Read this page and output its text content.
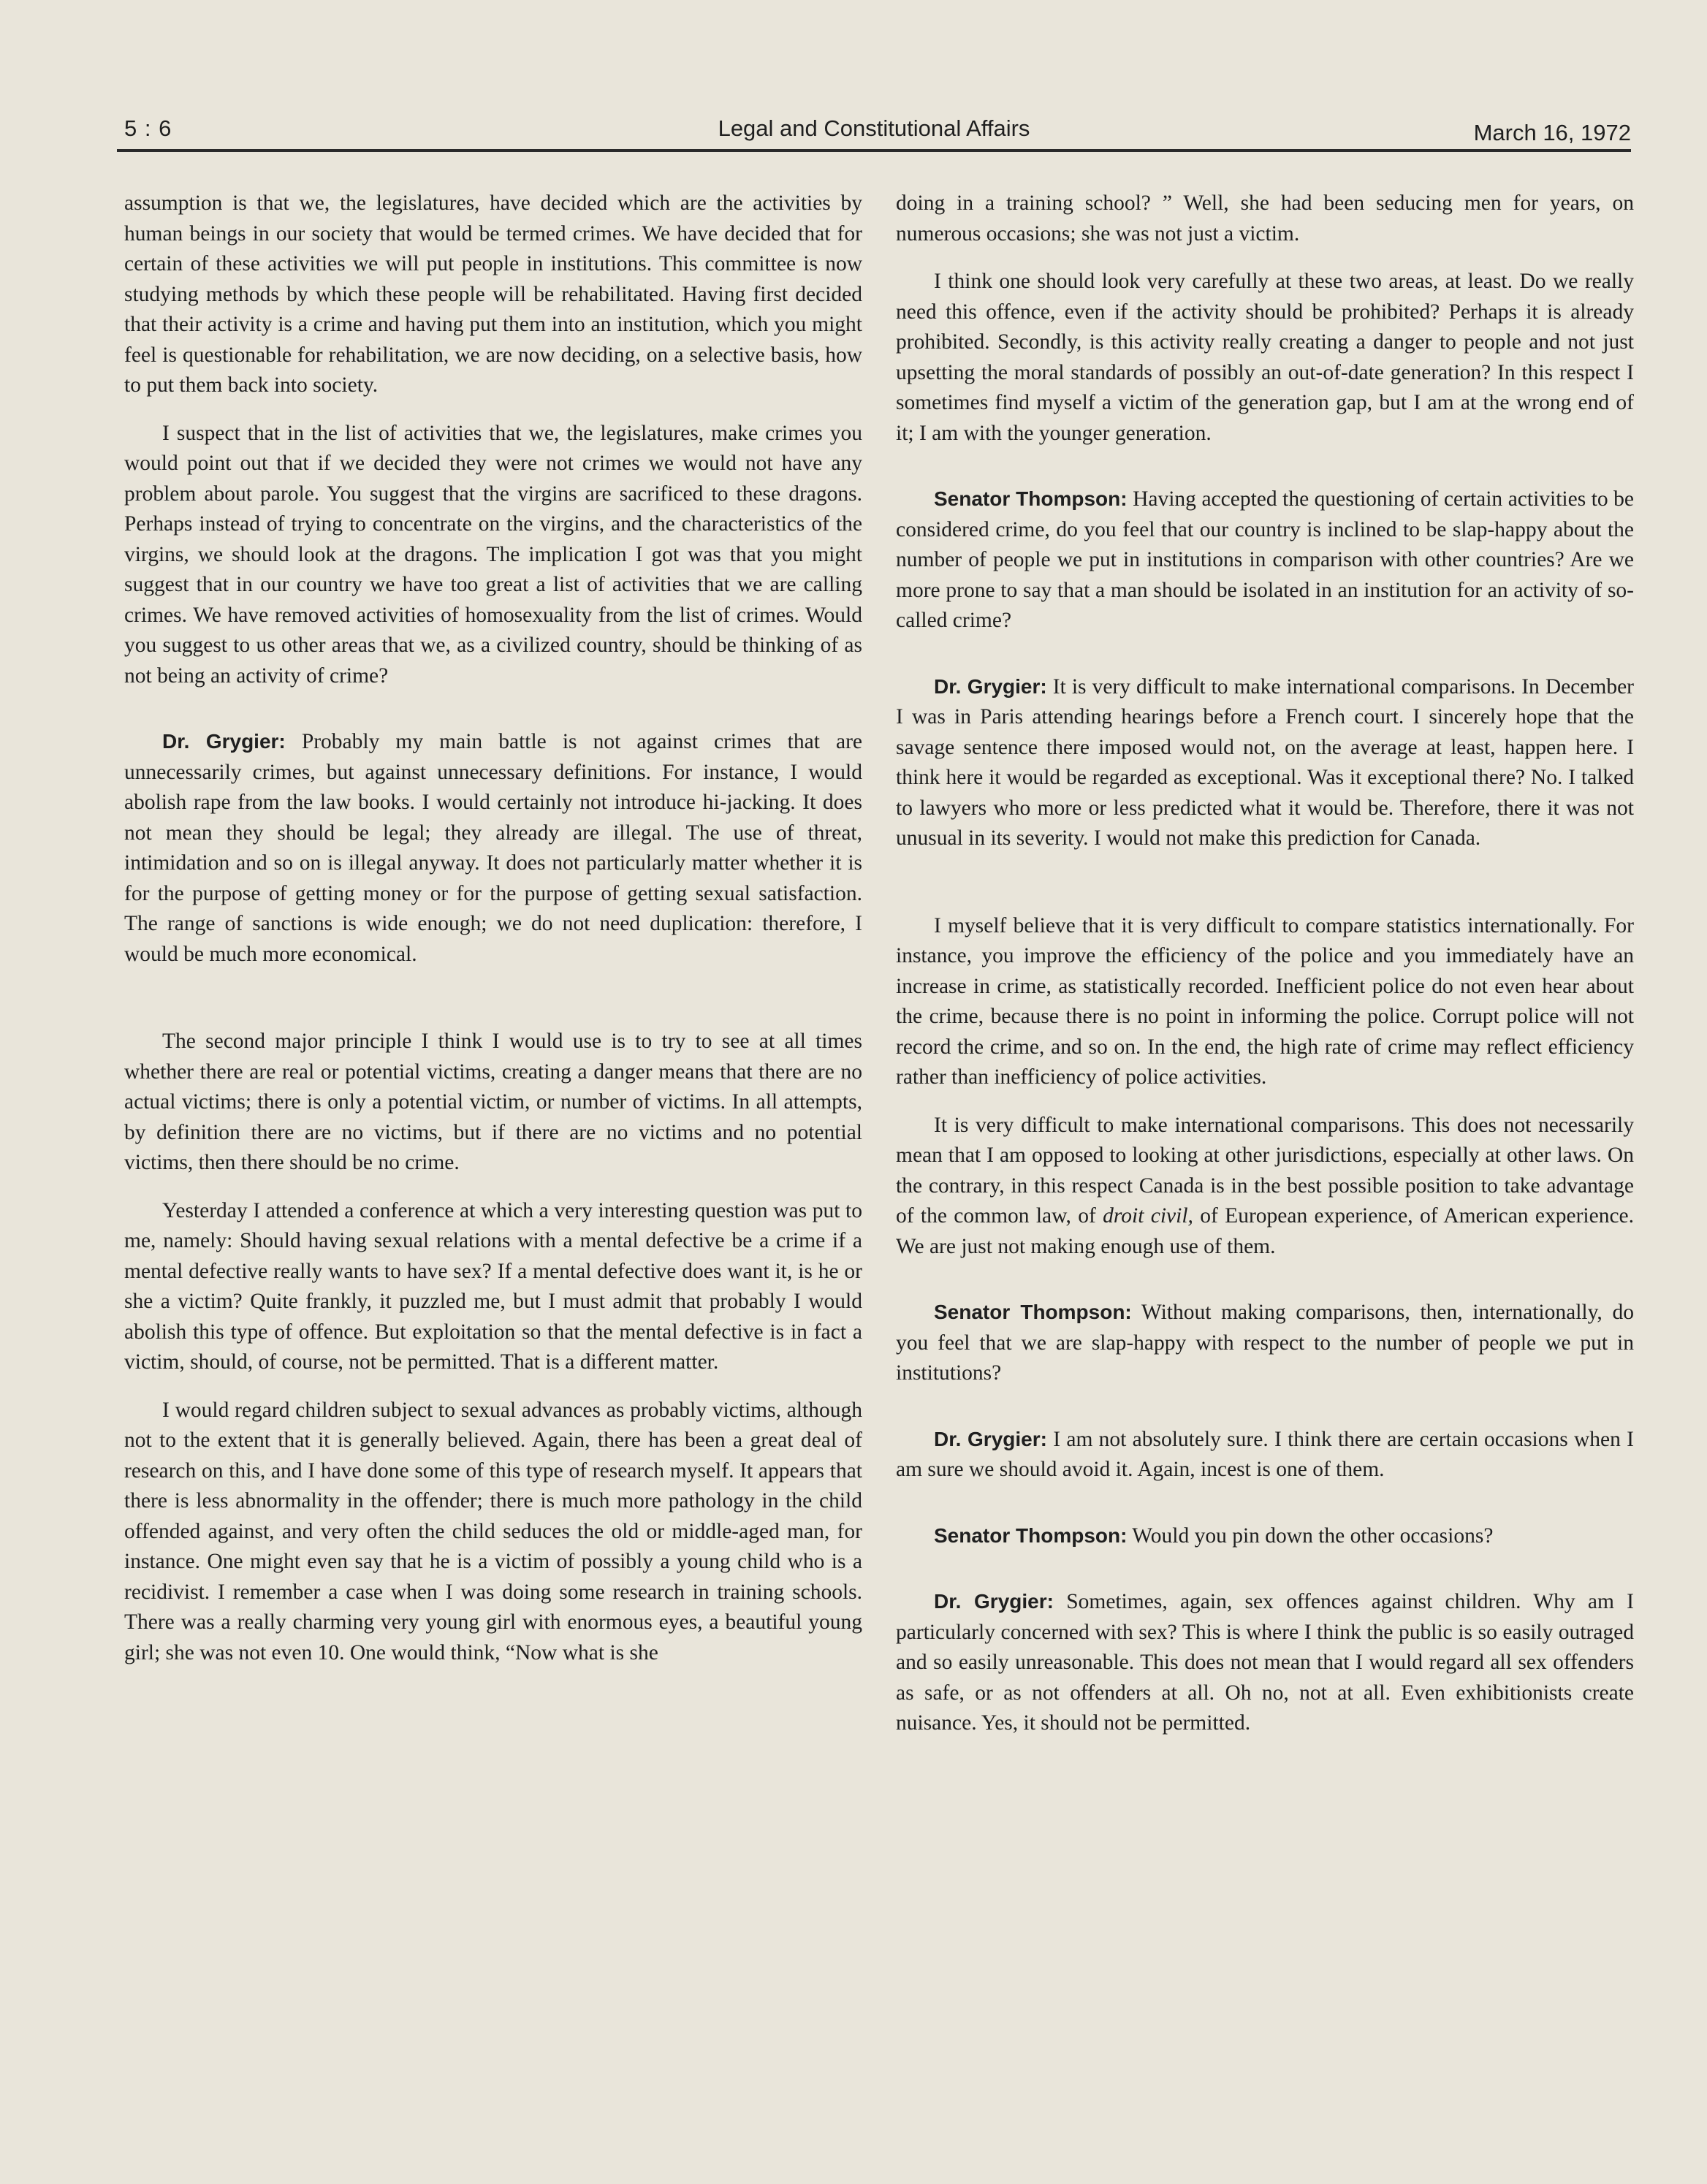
5 : 6	Legal and Constitutional Affairs	March 16, 1972

assumption is that we, the legislatures, have decided which are the activities by human beings in our society that would be termed crimes. We have decided that for certain of these activities we will put people in institutions. This committee is now studying methods by which these people will be rehabilitated. Having first decided that their activity is a crime and having put them into an institution, which you might feel is questionable for rehabilitation, we are now deciding, on a selective basis, how to put them back into society.

I suspect that in the list of activities that we, the legislatures, make crimes you would point out that if we decided they were not crimes we would not have any problem about parole. You suggest that the virgins are sacrificed to these dragons. Perhaps instead of trying to concentrate on the virgins, and the characteristics of the virgins, we should look at the dragons. The implication I got was that you might suggest that in our country we have too great a list of activities that we are calling crimes. We have removed activities of homosexuality from the list of crimes. Would you suggest to us other areas that we, as a civilized country, should be thinking of as not being an activity of crime?

Dr. Grygier: Probably my main battle is not against crimes that are unnecessarily crimes, but against unnecessary definitions. For instance, I would abolish rape from the law books. I would certainly not introduce hi-jacking. It does not mean they should be legal; they already are illegal. The use of threat, intimidation and so on is illegal anyway. It does not particularly matter whether it is for the purpose of getting money or for the purpose of getting sexual satisfaction. The range of sanctions is wide enough; we do not need duplication: therefore, I would be much more economical.

The second major principle I think I would use is to try to see at all times whether there are real or potential victims, creating a danger means that there are no actual victims; there is only a potential victim, or number of victims. In all attempts, by definition there are no victims, but if there are no victims and no potential victims, then there should be no crime.

Yesterday I attended a conference at which a very interesting question was put to me, namely: Should having sexual relations with a mental defective be a crime if a mental defective really wants to have sex? If a mental defective does want it, is he or she a victim? Quite frankly, it puzzled me, but I must admit that probably I would abolish this type of offence. But exploitation so that the mental defective is in fact a victim, should, of course, not be permitted. That is a different matter.

I would regard children subject to sexual advances as probably victims, although not to the extent that it is generally believed. Again, there has been a great deal of research on this, and I have done some of this type of research myself. It appears that there is less abnormality in the offender; there is much more pathology in the child offended against, and very often the child seduces the old or middle-aged man, for instance. One might even say that he is a victim of possibly a young child who is a recidivist. I remember a case when I was doing some research in training schools. There was a really charming very young girl with enormous eyes, a beautiful young girl; she was not even 10. One would think, “Now what is she

doing in a training school? ” Well, she had been seducing men for years, on numerous occasions; she was not just a victim.

I think one should look very carefully at these two areas, at least. Do we really need this offence, even if the activity should be prohibited? Perhaps it is already prohibited. Secondly, is this activity really creating a danger to people and not just upsetting the moral standards of possibly an out-of-date generation? In this respect I sometimes find myself a victim of the generation gap, but I am at the wrong end of it; I am with the younger generation.

Senator Thompson: Having accepted the questioning of certain activities to be considered crime, do you feel that our country is inclined to be slap-happy about the number of people we put in institutions in comparison with other countries? Are we more prone to say that a man should be isolated in an institution for an activity of so-called crime?

Dr. Grygier: It is very difficult to make international comparisons. In December I was in Paris attending hearings before a French court. I sincerely hope that the savage sentence there imposed would not, on the average at least, happen here. I think here it would be regarded as exceptional. Was it exceptional there? No. I talked to lawyers who more or less predicted what it would be. Therefore, there it was not unusual in its severity. I would not make this prediction for Canada.

I myself believe that it is very difficult to compare statistics internationally. For instance, you improve the efficiency of the police and you immediately have an increase in crime, as statistically recorded. Inefficient police do not even hear about the crime, because there is no point in informing the police. Corrupt police will not record the crime, and so on. In the end, the high rate of crime may reflect efficiency rather than inefficiency of police activities.

It is very difficult to make international comparisons. This does not necessarily mean that I am opposed to looking at other jurisdictions, especially at other laws. On the contrary, in this respect Canada is in the best possible position to take advantage of the common law, of droit civil, of European experience, of American experience. We are just not making enough use of them.

Senator Thompson: Without making comparisons, then, internationally, do you feel that we are slap-happy with respect to the number of people we put in institutions?

Dr. Grygier: I am not absolutely sure. I think there are certain occasions when I am sure we should avoid it. Again, incest is one of them.

Senator Thompson: Would you pin down the other occasions?

Dr. Grygier: Sometimes, again, sex offences against children. Why am I particularly concerned with sex? This is where I think the public is so easily outraged and so easily unreasonable. This does not mean that I would regard all sex offenders as safe, or as not offenders at all. Oh no, not at all. Even exhibitionists create nuisance. Yes, it should not be permitted.
